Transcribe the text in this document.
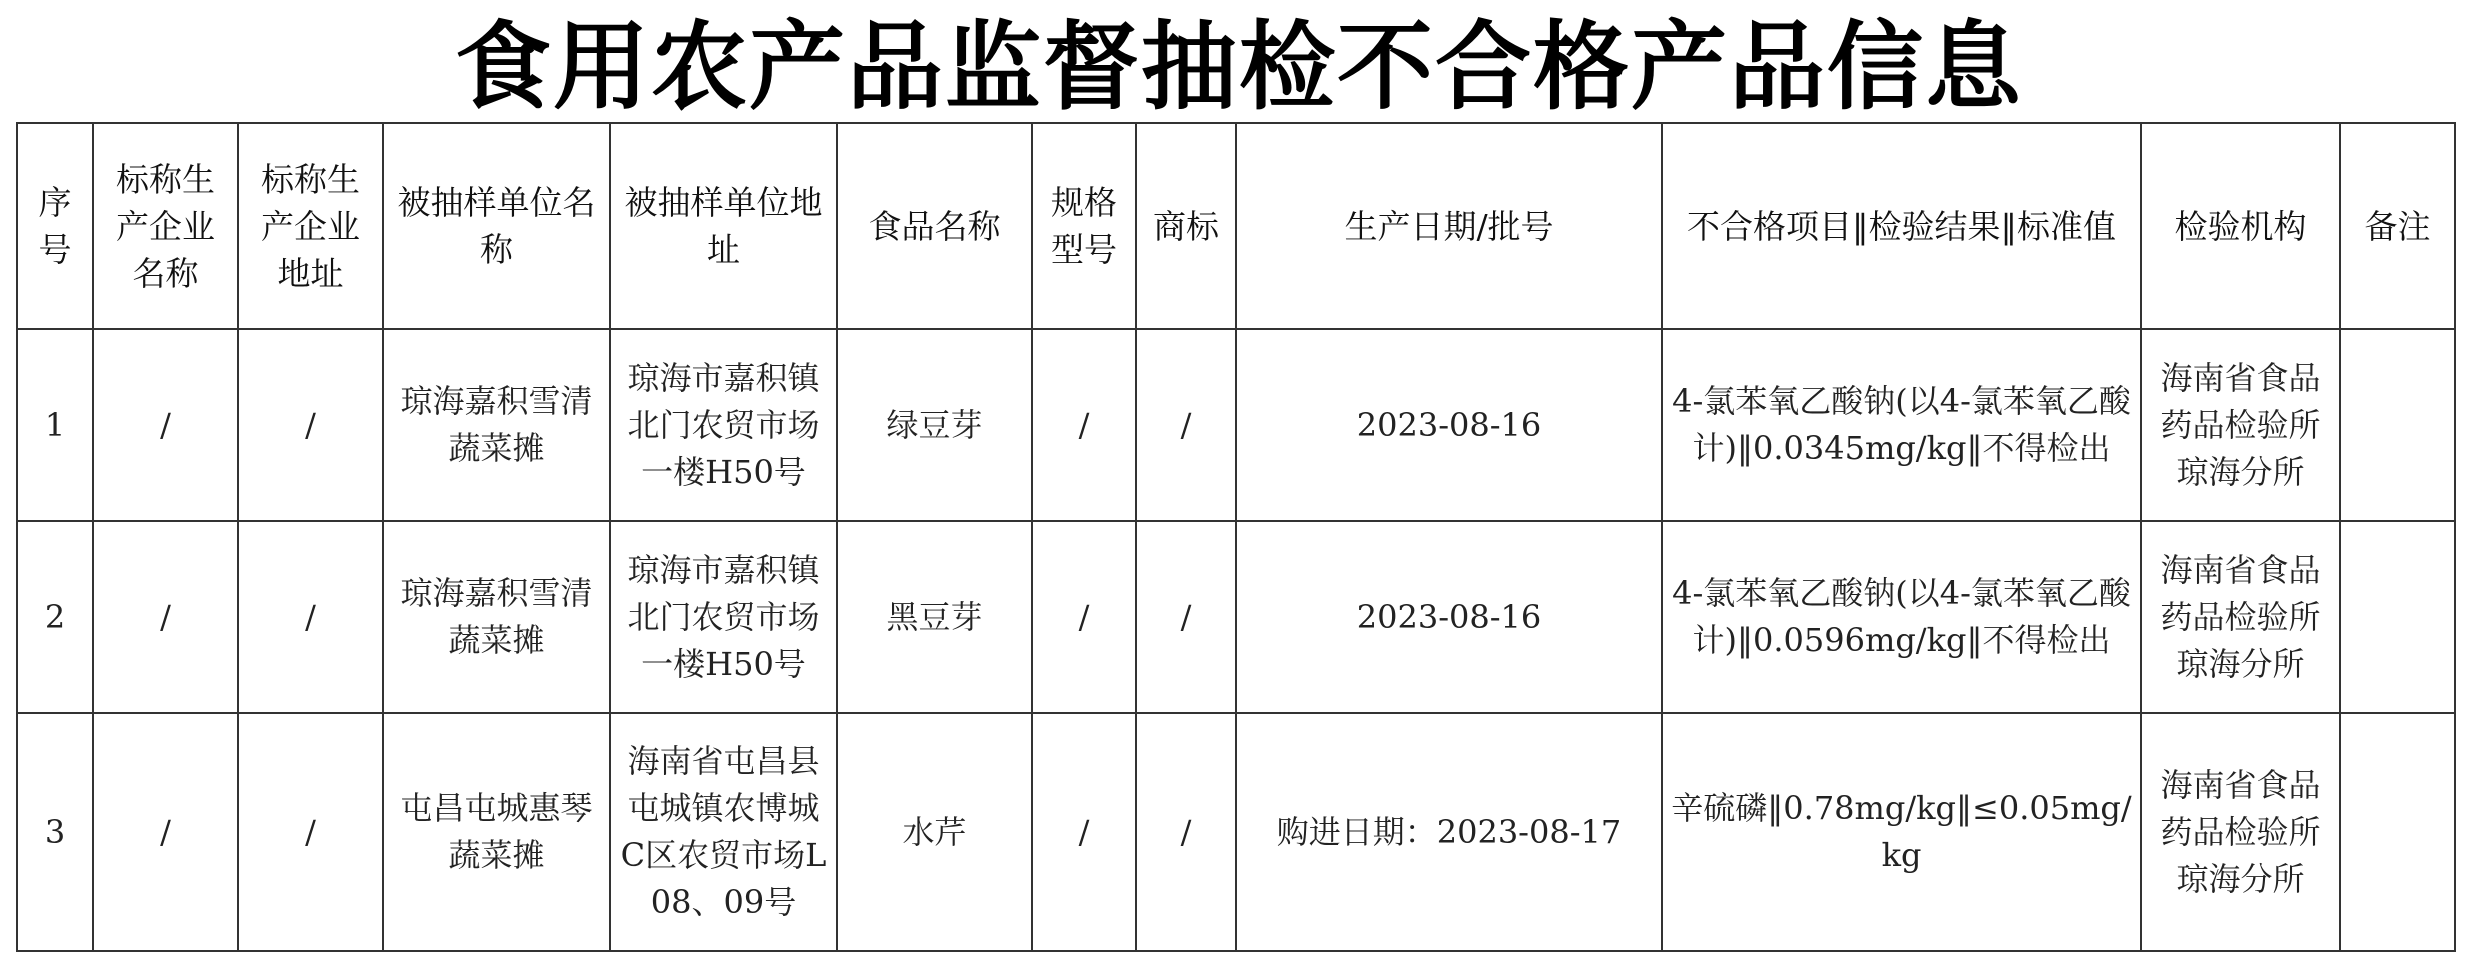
食用农产品监督抽检不合格产品信息
序号	标称生产企业名称	标称生产企业地址	被抽样单位名称	被抽样单位地址	食品名称	规格型号	商标	生产日期/批号	不合格项目‖检验结果‖标准值	检验机构	备注
1	/	/	琼海嘉积雪清蔬菜摊	琼海市嘉积镇北门农贸市场一楼H50号	绿豆芽	/	/	2023-08-16	4-氯苯氧乙酸钠(以4-氯苯氧乙酸计)‖0.0345mg/kg‖不得检出	海南省食品药品检验所琼海分所	
2	/	/	琼海嘉积雪清蔬菜摊	琼海市嘉积镇北门农贸市场一楼H50号	黑豆芽	/	/	2023-08-16	4-氯苯氧乙酸钠(以4-氯苯氧乙酸计)‖0.0596mg/kg‖不得检出	海南省食品药品检验所琼海分所	
3	/	/	屯昌屯城惠琴蔬菜摊	海南省屯昌县屯城镇农博城C区农贸市场L08、09号	水芹	/	/	购进日期：2023-08-17	辛硫磷‖0.78mg/kg‖≤0.05mg/kg	海南省食品药品检验所琼海分所	
